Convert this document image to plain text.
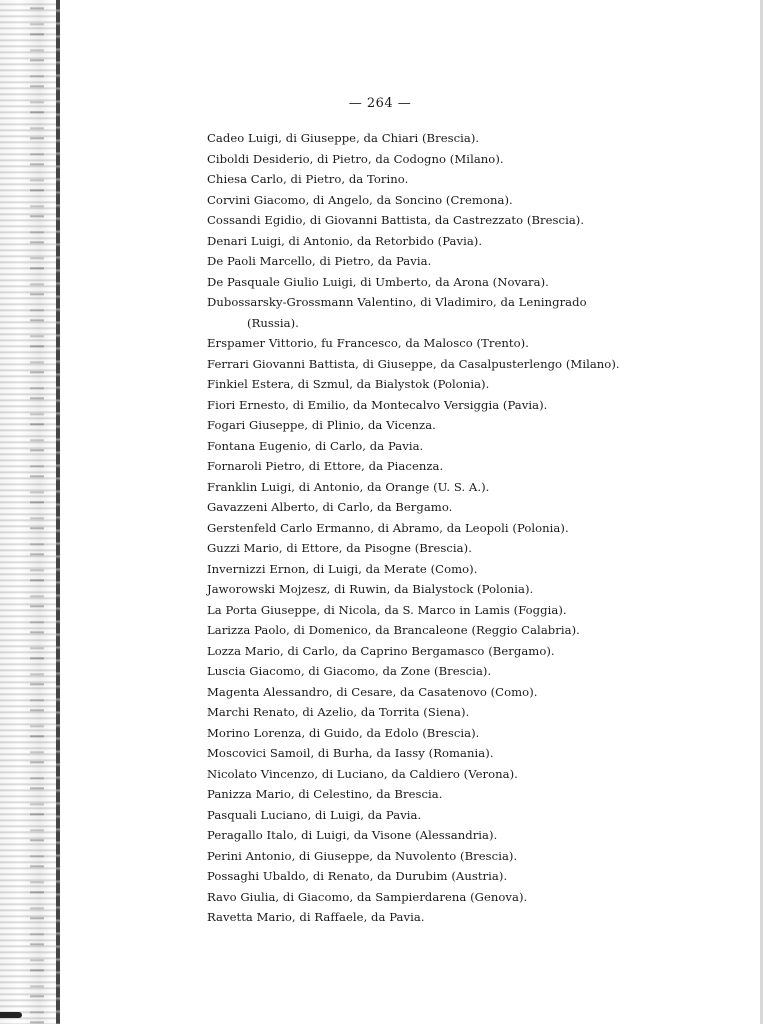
— 264 —
Cadeo Luigi, di Giuseppe, da Chiari (Brescia).
Ciboldi Desiderio, di Pietro, da Codogno (Milano).
Chiesa Carlo, di Pietro, da Torino.
Corvini Giacomo, di Angelo, da Soncino (Cremona).
Cossandi Egidio, di Giovanni Battista, da Castrezzato (Brescia).
Denari Luigi, di Antonio, da Retorbido (Pavia).
De Paoli Marcello, di Pietro, da Pavia.
De Pasquale Giulio Luigi, di Umberto, da Arona (Novara).
Dubossarsky-Grossmann Valentino, di Vladimiro, da Leningrado
(Russia).
Erspamer Vittorio, fu Francesco, da Malosco (Trento).
Ferrari Giovanni Battista, di Giuseppe, da Casalpusterlengo (Milano).
Finkiel Estera, di Szmul, da Bialystok (Polonia).
Fiori Ernesto, di Emilio, da Montecalvo Versiggia (Pavia).
Fogari Giuseppe, di Plinio, da Vicenza.
Fontana Eugenio, di Carlo, da Pavia.
Fornaroli Pietro, di Ettore, da Piacenza.
Franklin Luigi, di Antonio, da Orange (U. S. A.).
Gavazzeni Alberto, di Carlo, da Bergamo.
Gerstenfeld Carlo Ermanno, di Abramo, da Leopoli (Polonia).
Guzzi Mario, di Ettore, da Pisogne (Brescia).
Invernizzi Ernon, di Luigi, da Merate (Como).
Jaworowski Mojzesz, di Ruwin, da Bialystock (Polonia).
La Porta Giuseppe, di Nicola, da S. Marco in Lamis (Foggia).
Larizza Paolo, di Domenico, da Brancaleone (Reggio Calabria).
Lozza Mario, di Carlo, da Caprino Bergamasco (Bergamo).
Luscia Giacomo, di Giacomo, da Zone (Brescia).
Magenta Alessandro, di Cesare, da Casatenovo (Como).
Marchi Renato, di Azelio, da Torrita (Siena).
Morino Lorenza, di Guido, da Edolo (Brescia).
Moscovici Samoil, di Burha, da Iassy (Romania).
Nicolato Vincenzo, di Luciano, da Caldiero (Verona).
Panizza Mario, di Celestino, da Brescia.
Pasquali Luciano, di Luigi, da Pavia.
Peragallo Italo, di Luigi, da Visone (Alessandria).
Perini Antonio, di Giuseppe, da Nuvolento (Brescia).
Possaghi Ubaldo, di Renato, da Durubim (Austria).
Ravo Giulia, di Giacomo, da Sampierdarena (Genova).
Ravetta Mario, di Raffaele, da Pavia.
